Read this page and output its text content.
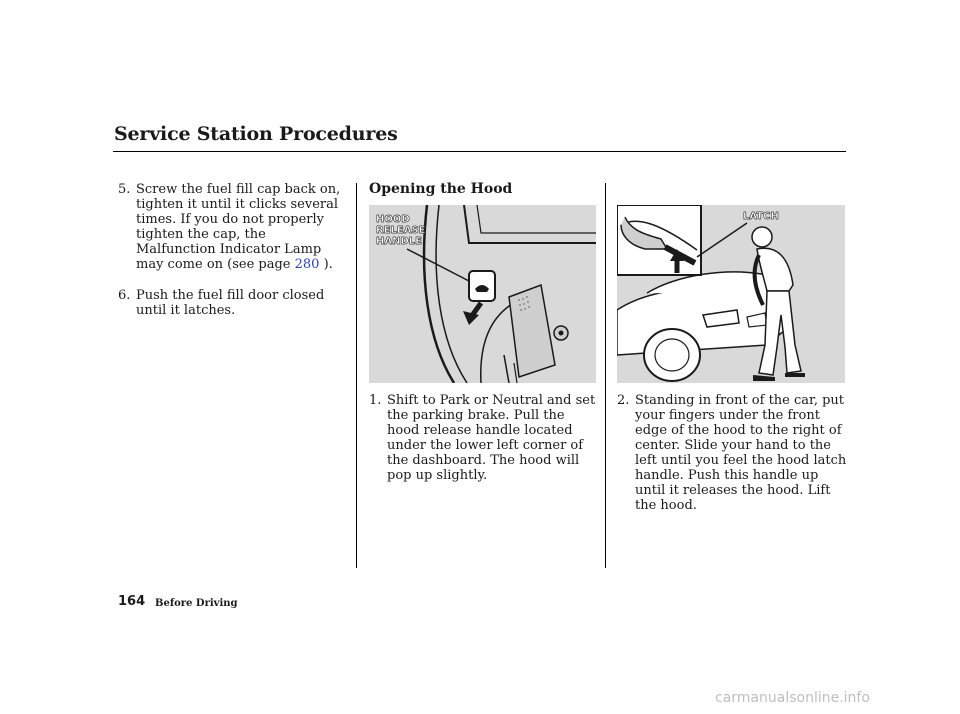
Service Station Procedures
5. Screw the fuel fill cap back on, tighten it until it clicks several times. If you do not properly tighten the cap, the Malfunction Indicator Lamp may come on (see page 280 ).
6. Push the fuel fill door closed until it latches.
Opening the Hood
HOOD
RELEASE
HANDLE
1. Shift to Park or Neutral and set the parking brake. Pull the hood release handle located under the lower left corner of the dashboard. The hood will pop up slightly.
LATCH
2. Standing in front of the car, put your fingers under the front edge of the hood to the right of center. Slide your hand to the left until you feel the hood latch handle. Push this handle up until it releases the hood. Lift the hood.
164 Before Driving
carmanualsonline.info
